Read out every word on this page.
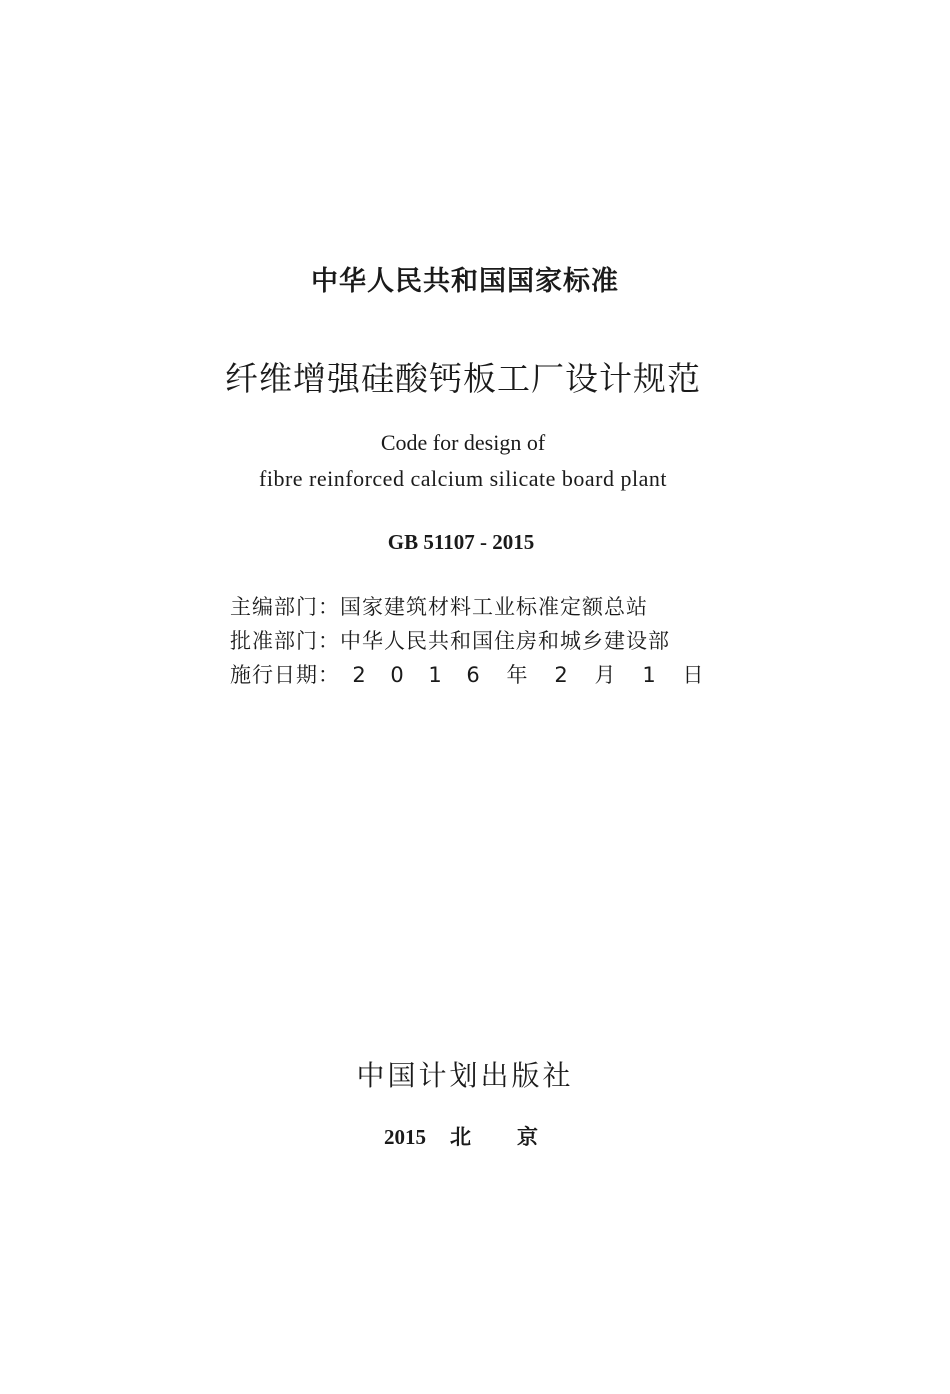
中华人民共和国国家标准
纤维增强硅酸钙板工厂设计规范
Code for design of
fibre reinforced calcium silicate board plant
GB 51107 - 2015
主编部门： 国家建筑材料工业标准定额总站
批准部门： 中华人民共和国住房和城乡建设部
施行日期： 2	0	1	6	年	2	月	1	日
中国计划出版社
2015 北 京
